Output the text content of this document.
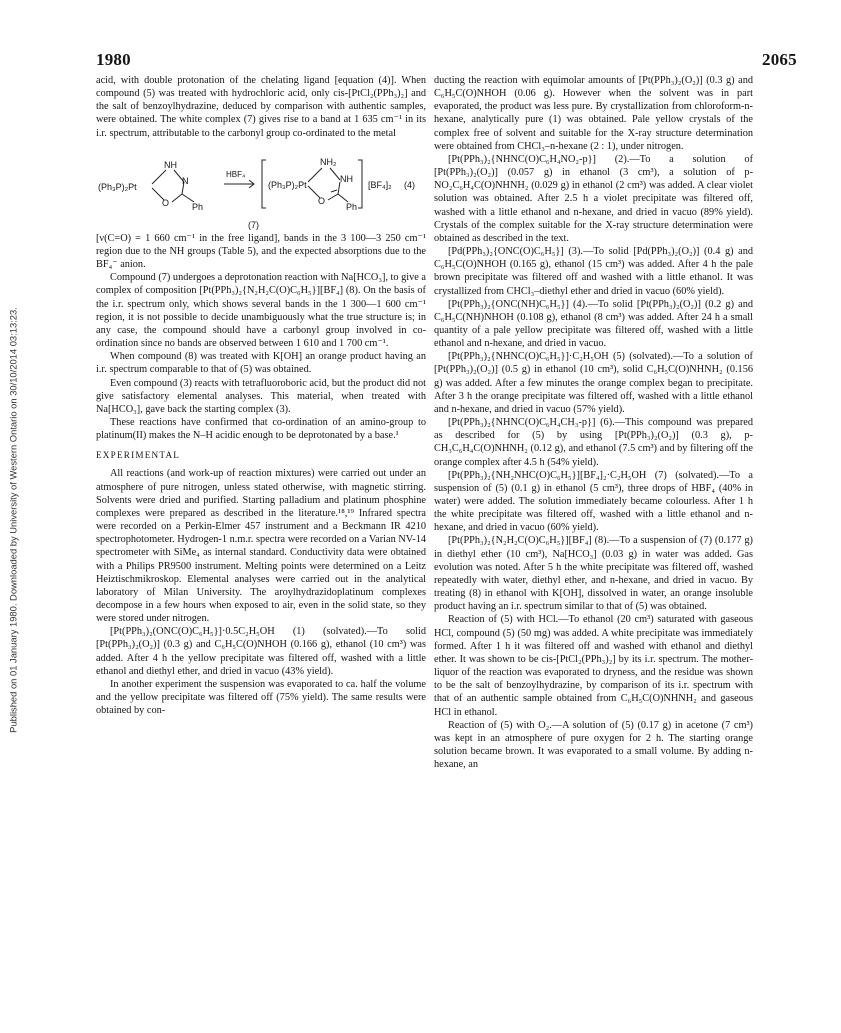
1980	2065
Published on 01 January 1980. Downloaded by University of Western Ontario on 30/10/2014 03:13:23.

acid, with double protonation of the chelating ligand [equation (4)]. When compound (5) was treated with hydrochloric acid, only cis-[PtCl₂(PPh₃)₂] and the salt of benzoylhydrazine, deduced by comparison with authentic samples, were obtained. The white complex (7) gives rise to a band at 1 635 cm⁻¹ in its i.r. spectrum, attributable to the carbonyl group co-ordinated to the metal

(Ph₃P)₂Pt
NH
N
O	Ph
HBF₄
(Ph₃P)₂Pt
NH₂
NH
O
Ph
[BF₄]₂ (4)
(7)

[ν(C=O) = 1 660 cm⁻¹ in the free ligand], bands in the 3 100—3 250 cm⁻¹ region due to the NH groups (Table 5), and the expected absorptions due to the BF₄⁻ anion.

Compound (7) undergoes a deprotonation reaction with Na[HCO₃], to give a complex of composition [Pt(PPh₃)₂{N₂H₂C(O)C₆H₅}][BF₄] (8). On the basis of the i.r. spectrum only, which shows several bands in the 1 300—1 600 cm⁻¹ region, it is not possible to decide unambiguously what the true structure is; in any case, the compound should have a carbonyl group involved in co-ordination since no bands are observed between 1 610 and 1 700 cm⁻¹.

When compound (8) was treated with K[OH] an orange product having an i.r. spectrum comparable to that of (5) was obtained.

Even compound (3) reacts with tetrafluoroboric acid, but the product did not give satisfactory elemental analyses. This material, when treated with Na[HCO₃], gave back the starting complex (3).

These reactions have confirmed that co-ordination of an amino-group to platinum(II) makes the N–H acidic enough to be deprotonated by a base.¹

EXPERIMENTAL

All reactions (and work-up of reaction mixtures) were carried out under an atmosphere of pure nitrogen, unless stated otherwise, with magnetic stirring. Solvents were dried and purified. Starting palladium and platinum phosphine complexes were prepared as described in the literature.¹⁸,¹⁹ Infrared spectra were recorded on a Perkin-Elmer 457 instrument and a Beckmann IR 4210 spectrophotometer. Hydrogen-1 n.m.r. spectra were recorded on a Varian NV-14 spectrometer with SiMe₄ as internal standard. Conductivity data were obtained with a Philips PR9500 instrument. Melting points were determined on a Leitz Heiztischmikroskop. Elemental analyses were carried out in the analytical laboratory of Milan University. The aroylhydrazidoplatinum complexes decompose in a few hours when exposed to air, even in the solid state, so they were stored under nitrogen.

[Pt(PPh₃)₂(ONC(O)C₆H₅}]·0.5C₂H₅OH (1) (solvated).—To solid [Pt(PPh₃)₂(O₂)] (0.3 g) and C₆H₅C(O)NHOH (0.166 g), ethanol (10 cm³) was added. After 4 h the yellow precipitate was filtered off, washed with a little ethanol and diethyl ether, and dried in vacuo (43% yield).

In another experiment the suspension was evaporated to ca. half the volume and the yellow precipitate was filtered off (75% yield). The same results were obtained by con-

ducting the reaction with equimolar amounts of [Pt(PPh₃)₂(O₂)] (0.3 g) and C₆H₅C(O)NHOH (0.06 g). However when the solvent was in part evaporated, the product was less pure. By crystallization from chloroform-n-hexane, analytically pure (1) was obtained. Pale yellow crystals of the complex free of solvent and suitable for the X-ray structure determination were obtained from CHCl₃–n-hexane (2 : 1), under nitrogen.

[Pt(PPh₃)₂{NHNC(O)C₆H₄NO₂-p}] (2).—To a solution of [Pt(PPh₃)₂(O₂)] (0.057 g) in ethanol (3 cm³), a solution of p-NO₂C₆H₄C(O)NHNH₂ (0.029 g) in ethanol (2 cm³) was added. A clear violet solution was obtained. After 2.5 h a violet precipitate was filtered off, washed with a little ethanol and n-hexane, and dried in vacuo (89% yield). Crystals of the complex suitable for the X-ray structure determination were obtained as described in the text.

[Pd(PPh₃)₂{ONC(O)C₆H₅}] (3).—To solid [Pd(PPh₃)₂(O₂)] (0.4 g) and C₆H₅C(O)NHOH (0.165 g), ethanol (15 cm³) was added. After 4 h the pale brown precipitate was filtered off and washed with a little ethanol. It was crystallized from CHCl₃–diethyl ether and dried in vacuo (60% yield).

[Pt(PPh₃)₂{ONC(NH)C₆H₅}] (4).—To solid [Pt(PPh₃)₂(O₂)] (0.2 g) and C₆H₅C(NH)NHOH (0.108 g), ethanol (8 cm³) was added. After 24 h a small quantity of a pale yellow precipitate was filtered off, washed with a little ethanol and n-hexane, and dried in vacuo.

[Pt(PPh₃)₂{NHNC(O)C₆H₅}]·C₂H₅OH (5) (solvated).—To a solution of [Pt(PPh₃)₂(O₂)] (0.5 g) in ethanol (10 cm³), solid C₆H₅C(O)NHNH₂ (0.156 g) was added. After a few minutes the orange complex began to precipitate. After 3 h the orange precipitate was filtered off, washed with a little ethanol and n-hexane, and dried in vacuo (57% yield).

[Pt(PPh₃)₂{NHNC(O)C₆H₄CH₃-p}] (6).—This compound was prepared as described for (5) by using [Pt(PPh₃)₂(O₂)] (0.3 g), p-CH₃C₆H₄C(O)NHNH₂ (0.12 g), and ethanol (7.5 cm³) and by filtering off the orange complex after 4.5 h (54% yield).

[Pt(PPh₃)₂{NH₂NHC(O)C₆H₅}][BF₄]₂·C₂H₅OH (7) (solvated).—To a suspension of (5) (0.1 g) in ethanol (5 cm³), three drops of HBF₄ (40% in water) were added. The solution immediately became colourless. After 1 h the white precipitate was filtered off, washed with a little ethanol and n-hexane, and dried in vacuo (60% yield).

[Pt(PPh₃)₂{N₂H₂C(O)C₆H₅}][BF₄] (8).—To a suspension of (7) (0.177 g) in diethyl ether (10 cm³), Na[HCO₃] (0.03 g) in water was added. Gas evolution was noted. After 5 h the white precipitate was filtered off, washed repeatedly with water, diethyl ether, and n-hexane, and dried in vacuo. By treating (8) in ethanol with K[OH], dissolved in water, an orange insoluble product having an i.r. spectrum similar to that of (5) was obtained.

Reaction of (5) with HCl.—To ethanol (20 cm³) saturated with gaseous HCl, compound (5) (50 mg) was added. A white precipitate was immediately formed. After 1 h it was filtered off and washed with ethanol and diethyl ether. It was shown to be cis-[PtCl₂(PPh₃)₂] by its i.r. spectrum. The mother-liquor of the reaction was evaporated to dryness, and the residue was shown to be the salt of benzoylhydrazine, by comparison of its i.r. spectrum with that of an authentic sample obtained from C₆H₅C(O)NHNH₂ and gaseous HCl in ethanol.

Reaction of (5) with O₂.—A solution of (5) (0.17 g) in acetone (7 cm³) was kept in an atmosphere of pure oxygen for 2 h. The starting orange solution became brown. It was evaporated to a small volume. By adding n-hexane, an
